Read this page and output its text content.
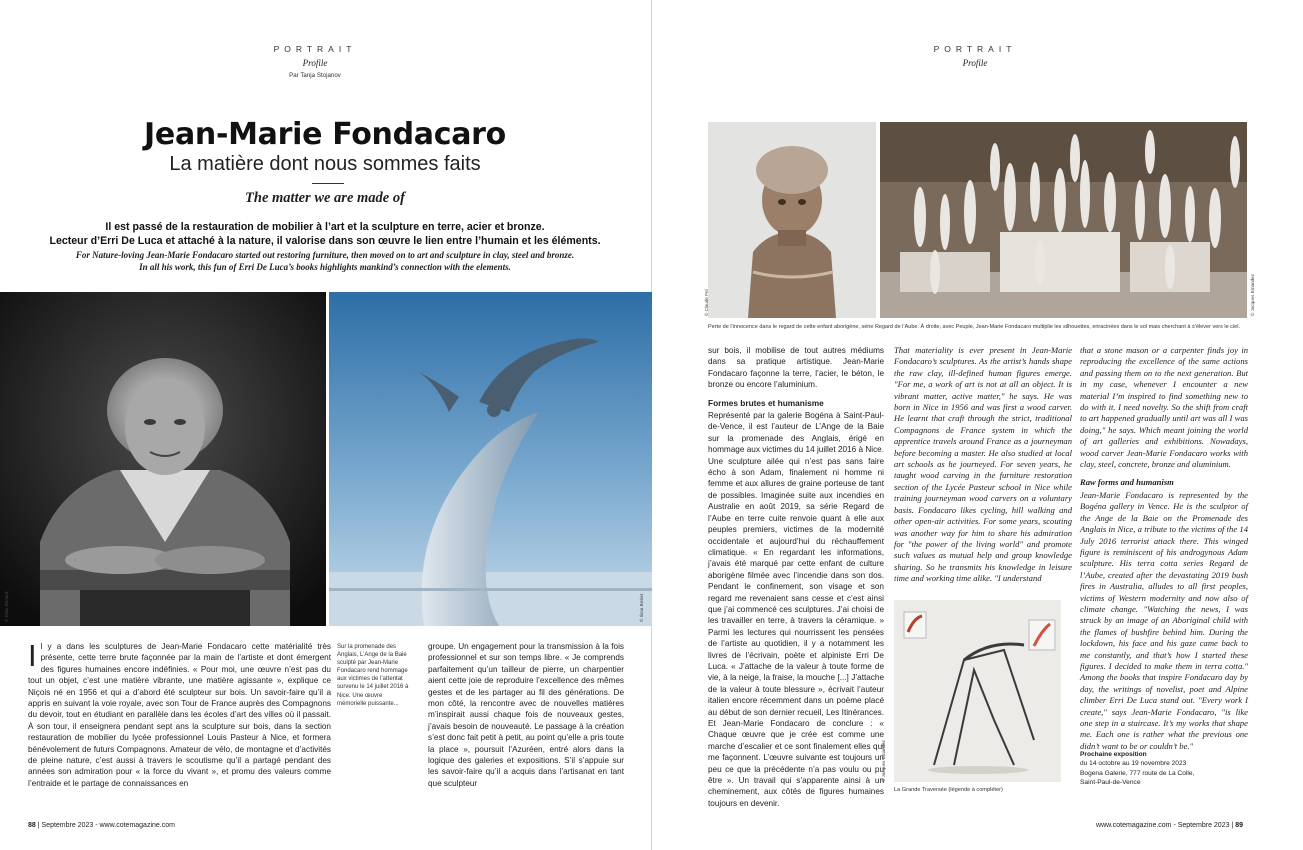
PORTRAIT
Profile
Par Tanja Stojanov
Jean-Marie Fondacaro
La matière dont nous sommes faits
The matter we are made of
Il est passé de la restauration de mobilier à l’art et la sculpture en terre, acier et bronze.
Lecteur d’Erri De Luca et attaché à la nature, il valorise dans son œuvre le lien entre l’humain et les éléments.
For Nature-loving Jean-Marie Fondacaro started out restoring furniture, then moved on to art and sculpture in clay, steel and bronze.
In all his work, this fun of Erri De Luca’s books highlights mankind’s connection with the elements.
© Elias Renard	© Ilona Besler
Il y a dans les sculptures de Jean-Marie Fondacaro cette matérialité très présente, cette terre brute façonnée par la main de l’artiste et dont émergent des figures humaines encore indéfinies. « Pour moi, une œuvre n’est pas du tout un objet, c’est une matière vibrante, une matière agissante », explique ce Niçois né en 1956 et qui a d’abord été sculpteur sur bois. Un savoir-faire qu’il a appris en suivant la voie royale, avec son Tour de France auprès des Compagnons du devoir, tout en étudiant en parallèle dans les écoles d’art des villes où il passait. À son tour, il enseignera pendant sept ans la sculpture sur bois, dans la section restauration de mobilier du lycée professionnel Louis Pasteur à Nice, et formera bénévolement de futurs Compagnons. Amateur de vélo, de montagne et d’activités de pleine nature, c’est aussi à travers le scoutisme qu’il a partagé pendant des années son admiration pour « la force du vivant », et promu des valeurs comme l’entraide et le partage de connaissances en
Sur la promenade des Anglais, L’Ange de la Baie sculpté par Jean-Marie Fondacaro rend hommage aux victimes de l’attentat survenu le 14 juillet 2016 à Nice. Une œuvre mémorielle puissante...
groupe. Un engagement pour la transmission à la fois professionnel et sur son temps libre. « Je comprends parfaitement qu’un tailleur de pierre, un charpentier aient cette joie de reproduire l’excellence des mêmes gestes et de les partager au fil des générations. De mon côté, la rencontre avec de nouvelles matières m’inspirait aussi chaque fois de nouveaux gestes, j’avais besoin de nouveauté. Le passage à la création s’est donc fait petit à petit, au point qu’elle a pris toute la place », poursuit l’Azuréen, entré alors dans la logique des galeries et expositions. S’il s’appuie sur les savoir-faire qu’il a acquis dans l’artisanat en tant que sculpteur
88 | Septembre 2023 - www.cotemagazine.com
PORTRAIT
Profile
© Claude Pel	© Jacques Ernandez
Perte de l’innocence dans le regard de cette enfant aborigène, série Regard de l’Aube. À droite, avec Peuple, Jean-Marie Fondacaro multiplie les silhouettes, enracinées dans le sol mais cherchant à s’élever vers le ciel.

sur bois, il mobilise de tout autres médiums dans sa pratique artistique. Jean-Marie Fondacaro façonne la terre, l’acier, le béton, le bronze ou encore l’aluminium.

Formes brutes et humanisme

Représenté par la galerie Bogéna à Saint-Paul-de-Vence, il est l’auteur de L’Ange de la Baie sur la promenade des Anglais, érigé en hommage aux victimes du 14 juillet 2016 à Nice. Une sculpture ailée qui n’est pas sans faire écho à son Adam, finalement ni homme ni femme et aux allures de graine porteuse de tant de possibles. Imaginée suite aux incendies en Australie en août 2019, sa série Regard de l’Aube en terre cuite renvoie quant à elle aux peuples premiers, victimes de la modernité occidentale et aujourd’hui du réchauffement climatique. « En regardant les informations, j’avais été marqué par cette enfant de culture aborigène filmée avec l’incendie dans son dos. Pendant le confinement, son visage et son regard me revenaient sans cesse et c’est ainsi que j’ai commencé ces sculptures. J’ai choisi de les travailler en terre, à travers la céramique. » Parmi les lectures qui nourrissent les pensées de l’artiste au quotidien, il y a notamment les livres de l’écrivain, poète et alpiniste Erri De Luca. « J’attache de la valeur à toute forme de vie, à la neige, la fraise, la mouche [...] J’attache de la valeur à toute blessure », écrivait l’auteur italien encore récemment dans un poème placé au début de son dernier recueil, Les Itinérances. Et Jean-Marie Fondacaro de conclure : « Chaque œuvre que je crée est comme une marche d’escalier et ce sont finalement elles qui me façonnent. L’œuvre suivante est toujours un peu ce que la précédente n’a pas voulu ou pu être ». Un travail qui s’apparente ainsi à un cheminement, aux côtés de figures humaines toujours en devenir.

That materiality is ever present in Jean-Marie Fondacaro’s sculptures. As the artist’s hands shape the raw clay, ill-defined human figures emerge. "For me, a work of art is not at all an object. It is vibrant matter, active matter," he says. He was born in Nice in 1956 and was first a wood carver. He learnt that craft through the strict, traditional Compagnons de France system in which the apprentice travels around France as a journeyman before becoming a master. He also studied at local art schools as he journeyed. For seven years, he taught wood carving in the furniture restoration section of the Lycée Pasteur school in Nice while training journeyman wood carvers on a voluntary basis. Fondacaro likes cycling, hill walking and other open-air activities. For some years, scouting was another way for him to share his admiration for "the power of the living world" and promote such values as mutual help and group knowledge sharing. So he transmits his knowledge in leisure time and working time alike. "I understand
© Jacques Ernandez
La Grande Traversée (légende à compléter)

that a stone mason or a carpenter finds joy in reproducing the excellence of the same actions and passing them on to the next generation. But in my case, whenever I encounter a new material I’m inspired to find something new to do with it. I need novelty. So the shift from craft to art happened gradually until art was all I was doing," he says. Which meant joining the world of art galleries and exhibitions. Nowadays, wood carver Jean-Marie Fondacaro works with clay, steel, concrete, bronze and aluminium.

Raw forms and humanism

Jean-Marie Fondacaro is represented by the Bogéna gallery in Vence. He is the sculptor of the Ange de la Baie on the Promenade des Anglais in Nice, a tribute to the victims of the 14 July 2016 terrorist attack there. This winged figure is reminiscent of his androgynous Adam sculpture. His terra cotta series Regard de l’Aube, created after the devastating 2019 bush fires in Australia, alludes to all first peoples, victims of Western modernity and now also of climate change. "Watching the news, I was struck by an image of an Aboriginal child with the flames of bushfire behind him. During the lockdown, his face and his gaze came back to me constantly, and that’s how I started these figures. I decided to make them in terra cotta." Among the books that inspire Fondacaro day by day, the writings of novelist, poet and Alpine climber Erri De Luca stand out. "Every work I create," says Jean-Marie Fondacaro, "is like one step in a staircase. It’s my works that shape me. Each one is rather what the previous one didn’t want to be or couldn’t be."

Prochaine exposition
du 14 octobre au 19 novembre 2023
Bogena Galerie, 777 route de La Colle,
Saint-Paul-de-Vence
www.cotemagazine.com - Septembre 2023 | 89
